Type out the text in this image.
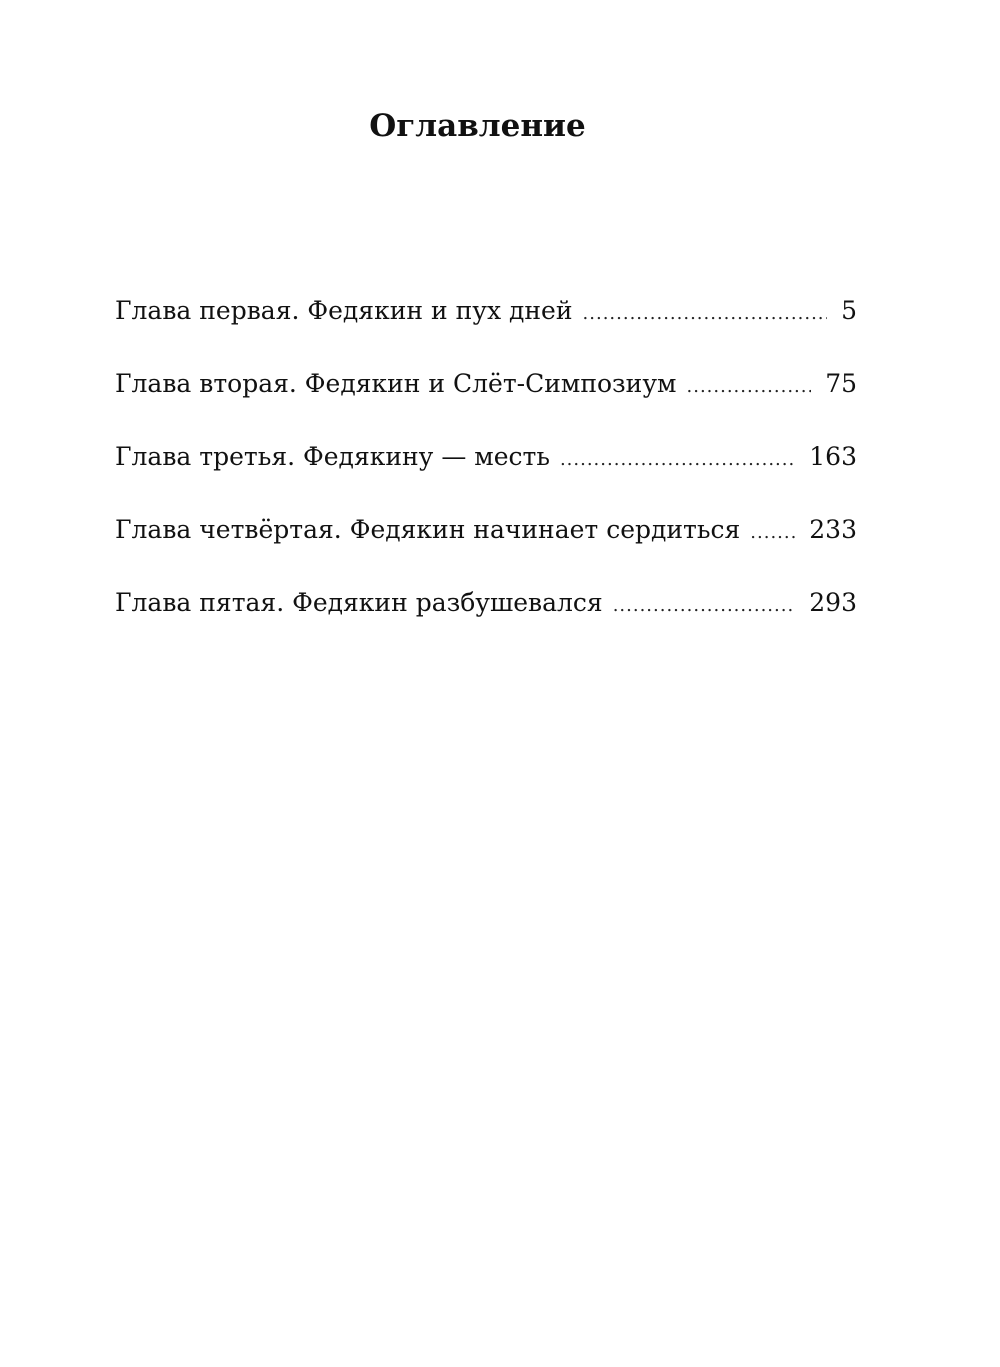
Оглавление
Глава первая. Федякин и пух дней .....	5
Глава вторая. Федякин и Слёт-Симпозиум .....	75
Глава третья. Федякину — месть .....	163
Глава четвёртая. Федякин начинает сердиться .....	233
Глава пятая. Федякин разбушевался .....	293
